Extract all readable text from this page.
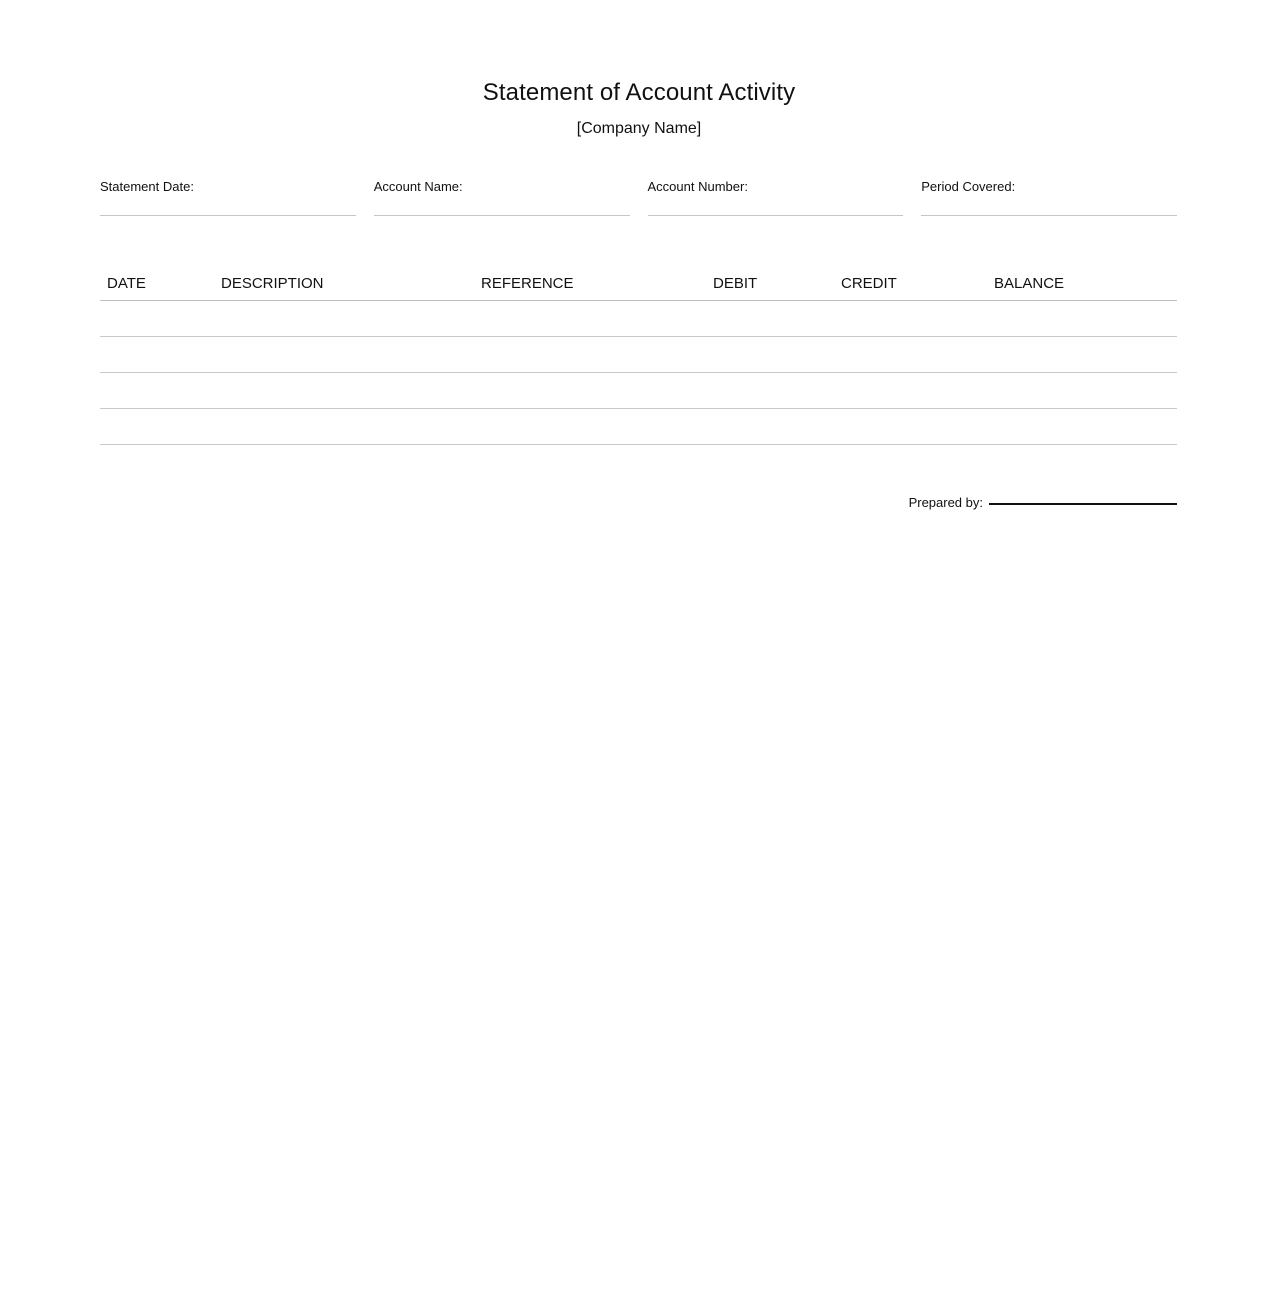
Statement of Account Activity
[Company Name]
Statement Date:	Account Name:	Account Number:	Period Covered:
DATE	DESCRIPTION	REFERENCE	DEBIT	CREDIT	BALANCE
Prepared by:
